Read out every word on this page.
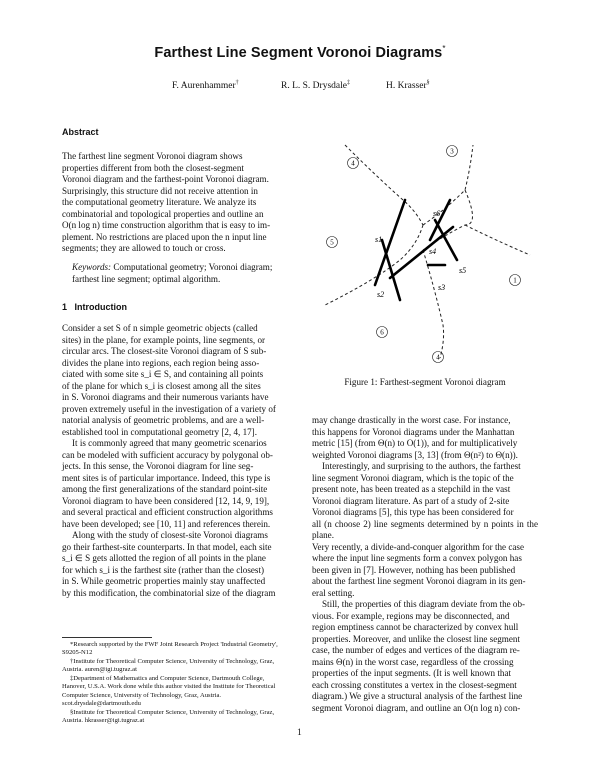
Farthest Line Segment Voronoi Diagrams*
F. Aurenhammer†	R. L. S. Drysdale‡	H. Krasser§
Abstract

The farthest line segment Voronoi diagram shows

properties different from both the closest-segment

Voronoi diagram and the farthest-point Voronoi diagram.

Surprisingly, this structure did not receive attention in

the computational geometry literature. We analyze its

combinatorial and topological properties and outline an

O(n log n) time construction algorithm that is easy to im-

plement. No restrictions are placed upon the n input line

segments; they are allowed to touch or cross.

Keywords: Computational geometry; Voronoi diagram;
farthest line segment; optimal algorithm.
1   Introduction

Consider a set S of n simple geometric objects (called

sites) in the plane, for example points, line segments, or

circular arcs. The closest-site Voronoi diagram of S sub-

divides the plane into regions, each region being asso-

ciated with some site s_i ∈ S, and containing all points

of the plane for which s_i is closest among all the sites

in S. Voronoi diagrams and their numerous variants have

proven extremely useful in the investigation of a variety of

natorial analysis of geometric problems, and are a well-

established tool in computational geometry [2, 4, 17].

It is commonly agreed that many geometric scenarios

can be modeled with sufficient accuracy by polygonal ob-

jects. In this sense, the Voronoi diagram for line seg-

ment sites is of particular importance. Indeed, this type is

among the first generalizations of the standard point-site

Voronoi diagram to have been considered [12, 14, 9, 19],

and several practical and efficient construction algorithms

have been developed; see [10, 11] and references therein.

Along with the study of closest-site Voronoi diagrams

go their farthest-site counterparts. In that model, each site

s_i ∈ S gets allotted the region of all points in the plane

for which s_i is the farthest site (rather than the closest)

in S. While geometric properties mainly stay unaffected

by this modification, the combinatorial size of the diagram

*Research supported by the FWF Joint Research Project 'Industrial Geometry', S9205-N12

†Institute for Theoretical Computer Science, University of Technology, Graz, Austria. auren@igi.tugraz.at

‡Department of Mathematics and Computer Science, Dartmouth College, Hanover, U.S.A. Work done while this author visited the Institute for Theoretical Computer Science, University of Technology, Graz, Austria. scot.drysdale@dartmouth.edu

§Institute for Theoretical Computer Science, University of Technology, Graz, Austria. hkrasser@igi.tugraz.at

1
3
4
4
5
6
s1
s2
s3
s4
s5
s6
Figure 1: Farthest-segment Voronoi diagram

may change drastically in the worst case. For instance,

this happens for Voronoi diagrams under the Manhattan

metric [15] (from Θ(n) to O(1)), and for multiplicatively

weighted Voronoi diagrams [3, 13] (from Θ(n²) to Θ(n)).

Interestingly, and surprising to the authors, the farthest

line segment Voronoi diagram, which is the topic of the

present note, has been treated as a stepchild in the vast

Voronoi diagram literature. As part of a study of 2-site

Voronoi diagrams [5], this type has been considered for

all (n choose 2) line segments determined by n points in the plane.

Very recently, a divide-and-conquer algorithm for the case

where the input line segments form a convex polygon has

been given in [7]. However, nothing has been published

about the farthest line segment Voronoi diagram in its gen-

eral setting.

Still, the properties of this diagram deviate from the ob-

vious. For example, regions may be disconnected, and

region emptiness cannot be characterized by convex hull

properties. Moreover, and unlike the closest line segment

case, the number of edges and vertices of the diagram re-

mains Θ(n) in the worst case, regardless of the crossing

properties of the input segments. (It is well known that

each crossing constitutes a vertex in the closest-segment

diagram.) We give a structural analysis of the farthest line

segment Voronoi diagram, and outline an O(n log n) con-

1
